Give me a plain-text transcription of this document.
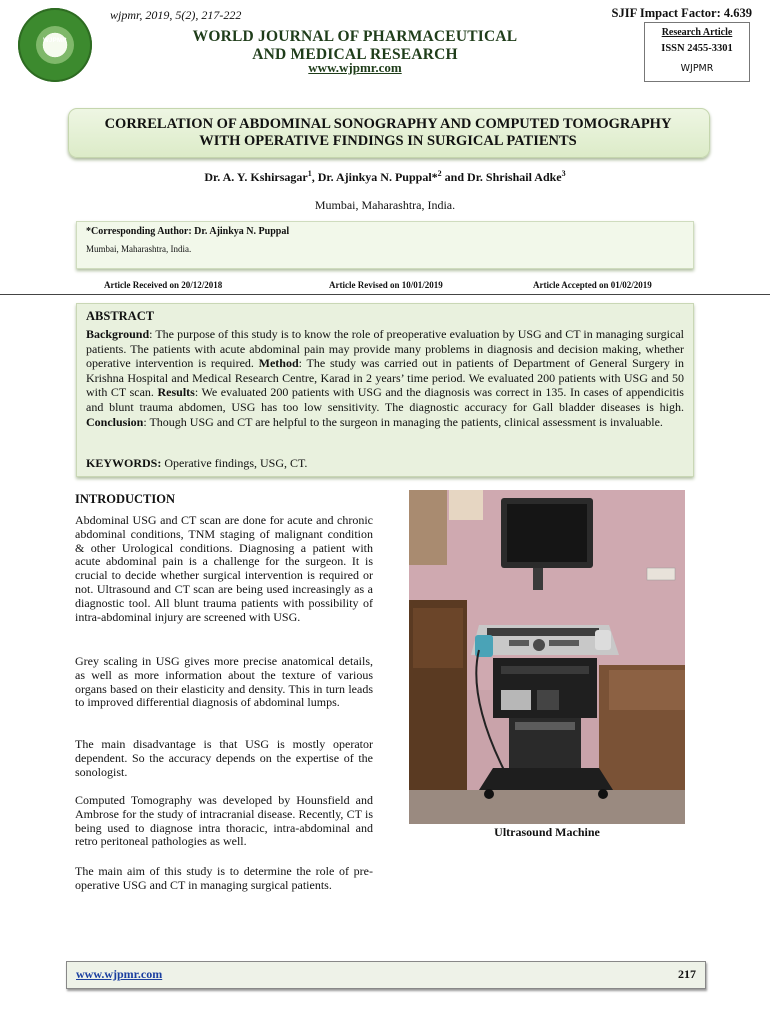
WJPMR
wjpmr, 2019, 5(2), 217-222	SJIF Impact Factor: 4.639
WORLD JOURNAL OF PHARMACEUTICAL
AND MEDICAL RESEARCH
www.wjpmr.com
Research Article
ISSN 2455-3301
WJPMR
CORRELATION OF ABDOMINAL SONOGRAPHY AND COMPUTED TOMOGRAPHY
WITH OPERATIVE FINDINGS IN SURGICAL PATIENTS
Dr. A. Y. Kshirsagar$^1$, Dr. Ajinkya N. Puppal*$^2$ and Dr. Shrishail Adke$^3$
Mumbai, Maharashtra, India.
*Corresponding Author: Dr. Ajinkya N. Puppal
Mumbai, Maharashtra, India.
Article Received on 20/12/2018	Article Revised on 10/01/2019	Article Accepted on 01/02/2019
ABSTRACT
Background: The purpose of this study is to know the role of preoperative evaluation by USG and CT in managing surgical patients. The patients with acute abdominal pain may provide many problems in diagnosis and decision making, whether operative intervention is required. Method: The study was carried out in patients of Department of General Surgery in Krishna Hospital and Medical Research Centre, Karad in 2 years’ time period. We evaluated 200 patients with USG and 50 with CT scan. Results: We evaluated 200 patients with USG and the diagnosis was correct in 135. In cases of appendicitis and blunt trauma abdomen, USG has too low sensitivity. The diagnostic accuracy for Gall bladder diseases is high. Conclusion: Though USG and CT are helpful to the surgeon in managing the patients, clinical assessment is invaluable.
KEYWORDS: Operative findings, USG, CT.
INTRODUCTION
Abdominal USG and CT scan are done for acute and chronic abdominal conditions, TNM staging of malignant condition & other Urological conditions. Diagnosing a patient with acute abdominal pain is a challenge for the surgeon. It is crucial to decide whether surgical intervention is required or not. Ultrasound and CT scan are being used increasingly as a diagnostic tool. All blunt trauma patients with possibility of intra-abdominal injury are screened with USG.
Grey scaling in USG gives more precise anatomical details, as well as more information about the texture of various organs based on their elasticity and density. This in turn leads to improved differential diagnosis of abdominal lumps.
The main disadvantage is that USG is mostly operator dependent. So the accuracy depends on the expertise of the sonologist.
Computed Tomography was developed by Hounsfield and Ambrose for the study of intracranial disease. Recently, CT is being used to diagnose intra thoracic, intra-abdominal and retro peritoneal pathologies as well.
The main aim of this study is to determine the role of pre-operative USG and CT in managing surgical patients.
Ultrasound Machine
www.wjpmr.com	217
